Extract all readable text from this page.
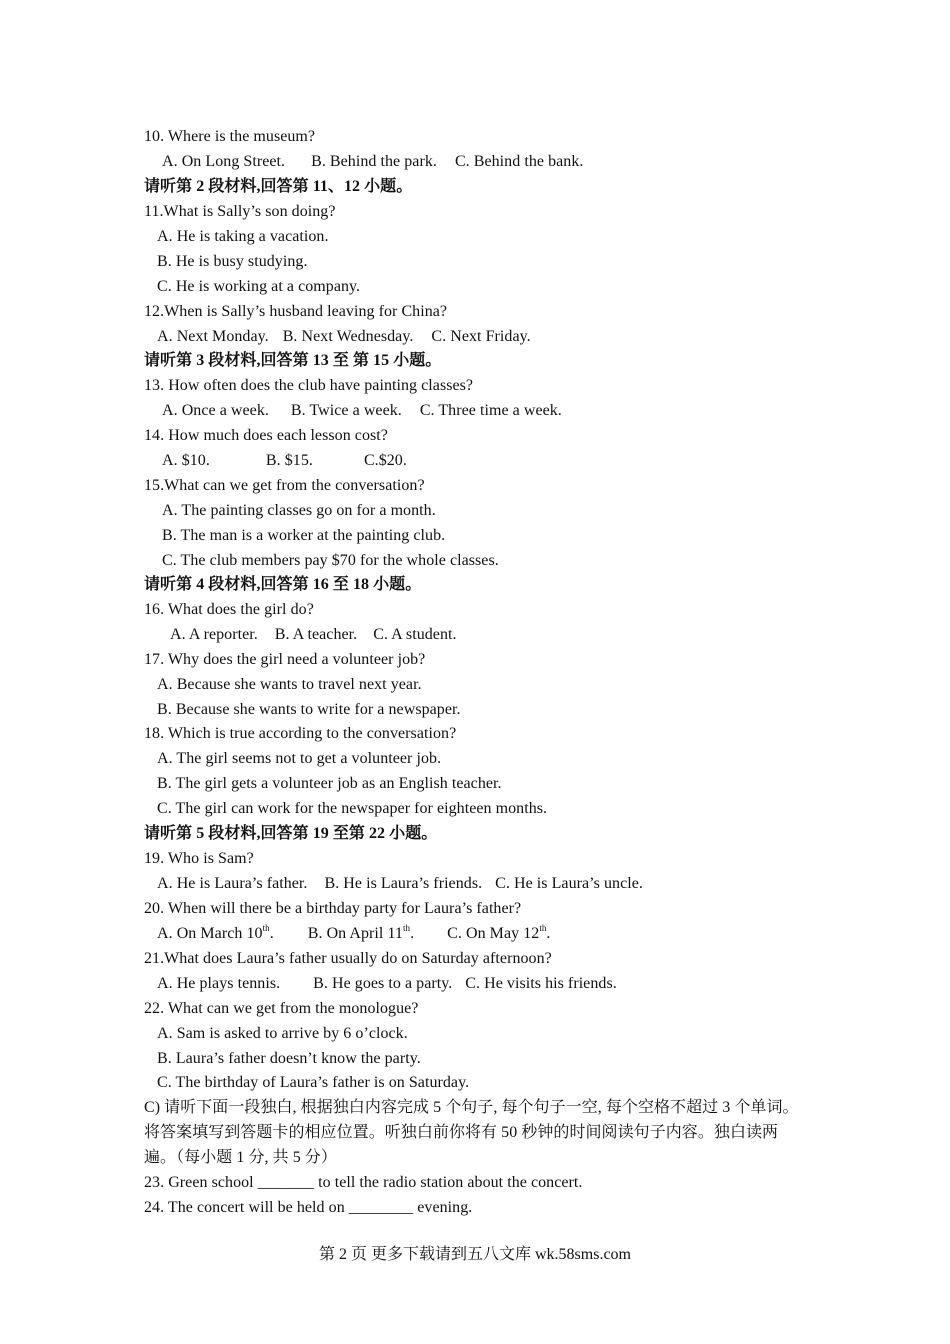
10. Where is the museum?
A. On Long Street. B. Behind the park. C. Behind the bank.
请听第 2 段材料,回答第 11、12 小题。
11.What is Sally’s son doing?
A. He is taking a vacation.
B. He is busy studying.
C. He is working at a company.
12.When is Sally’s husband leaving for China?
A. Next Monday. B. Next Wednesday. C. Next Friday.
请听第 3 段材料,回答第 13 至 第 15 小题。
13. How often does the club have painting classes?
A. Once a week. B. Twice a week. C. Three time a week.
14. How much does each lesson cost?
A. $10.	B. $15.	C.$20.
15.What can we get from the conversation?
A. The painting classes go on for a month.
B. The man is a worker at the painting club.
C. The club members pay $70 for the whole classes.
请听第 4 段材料,回答第 16 至 18 小题。
16. What does the girl do?
A. A reporter. B. A teacher. C. A student.
17. Why does the girl need a volunteer job?
A. Because she wants to travel next year.
B. Because she wants to write for a newspaper.
18. Which is true according to the conversation?
A. The girl seems not to get a volunteer job.
B. The girl gets a volunteer job as an English teacher.
C. The girl can work for the newspaper for eighteen months.
请听第 5 段材料,回答第 19 至第 22 小题。
19. Who is Sam?
A. He is Laura’s father. B. He is Laura’s friends. C. He is Laura’s uncle.
20. When will there be a birthday party for Laura’s father?
A. On March 10th. B. On April 11th. C. On May 12th.
21.What does Laura’s father usually do on Saturday afternoon?
A. He plays tennis. B. He goes to a party. C. He visits his friends.
22. What can we get from the monologue?
A. Sam is asked to arrive by 6 o’clock.
B. Laura’s father doesn’t know the party.
C. The birthday of Laura’s father is on Saturday.
C) 请听下面一段独白, 根据独白内容完成 5 个句子, 每个句子一空, 每个空格不超过 3 个单词。
将答案填写到答题卡的相应位置。听独白前你将有 50 秒钟的时间阅读句子内容。独白读两
遍。（每小题 1 分, 共 5 分）
23. Green school _______ to tell the radio station about the concert.
24. The concert will be held on ________ evening.
第 2 页 更多下载请到五八文库 wk.58sms.com
